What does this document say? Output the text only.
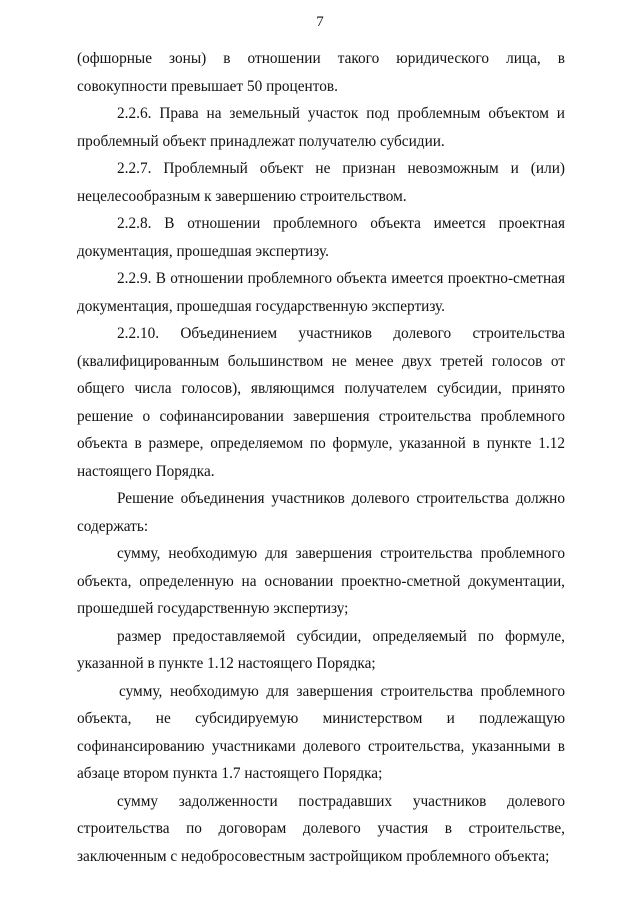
7

(офшорные зоны) в отношении такого юридического лица, в совокупности превышает 50 процентов.

2.2.6. Права на земельный участок под проблемным объектом и проблемный объект принадлежат получателю субсидии.

2.2.7. Проблемный объект не признан невозможным и (или) нецелесообразным к завершению строительством.

2.2.8. В отношении проблемного объекта имеется проектная документация, прошедшая экспертизу.

2.2.9. В отношении проблемного объекта имеется проектно-сметная документация, прошедшая государственную экспертизу.

2.2.10. Объединением участников долевого строительства (квалифицированным большинством не менее двух третей голосов от общего числа голосов), являющимся получателем субсидии, принято решение о софинансировании завершения строительства проблемного объекта в размере, определяемом по формуле, указанной в пункте 1.12 настоящего Порядка.

Решение объединения участников долевого строительства должно содержать:

сумму, необходимую для завершения строительства проблемного объекта, определенную на основании проектно-сметной документации, прошедшей государственную экспертизу;

размер предоставляемой субсидии, определяемый по формуле, указанной в пункте 1.12 настоящего Порядка;

сумму, необходимую для завершения строительства проблемного объекта, не субсидируемую министерством и подлежащую софинансированию участниками долевого строительства, указанными в абзаце втором пункта 1.7 настоящего Порядка;

сумму задолженности пострадавших участников долевого строительства по договорам долевого участия в строительстве, заключенным с недобросовестным застройщиком проблемного объекта;
